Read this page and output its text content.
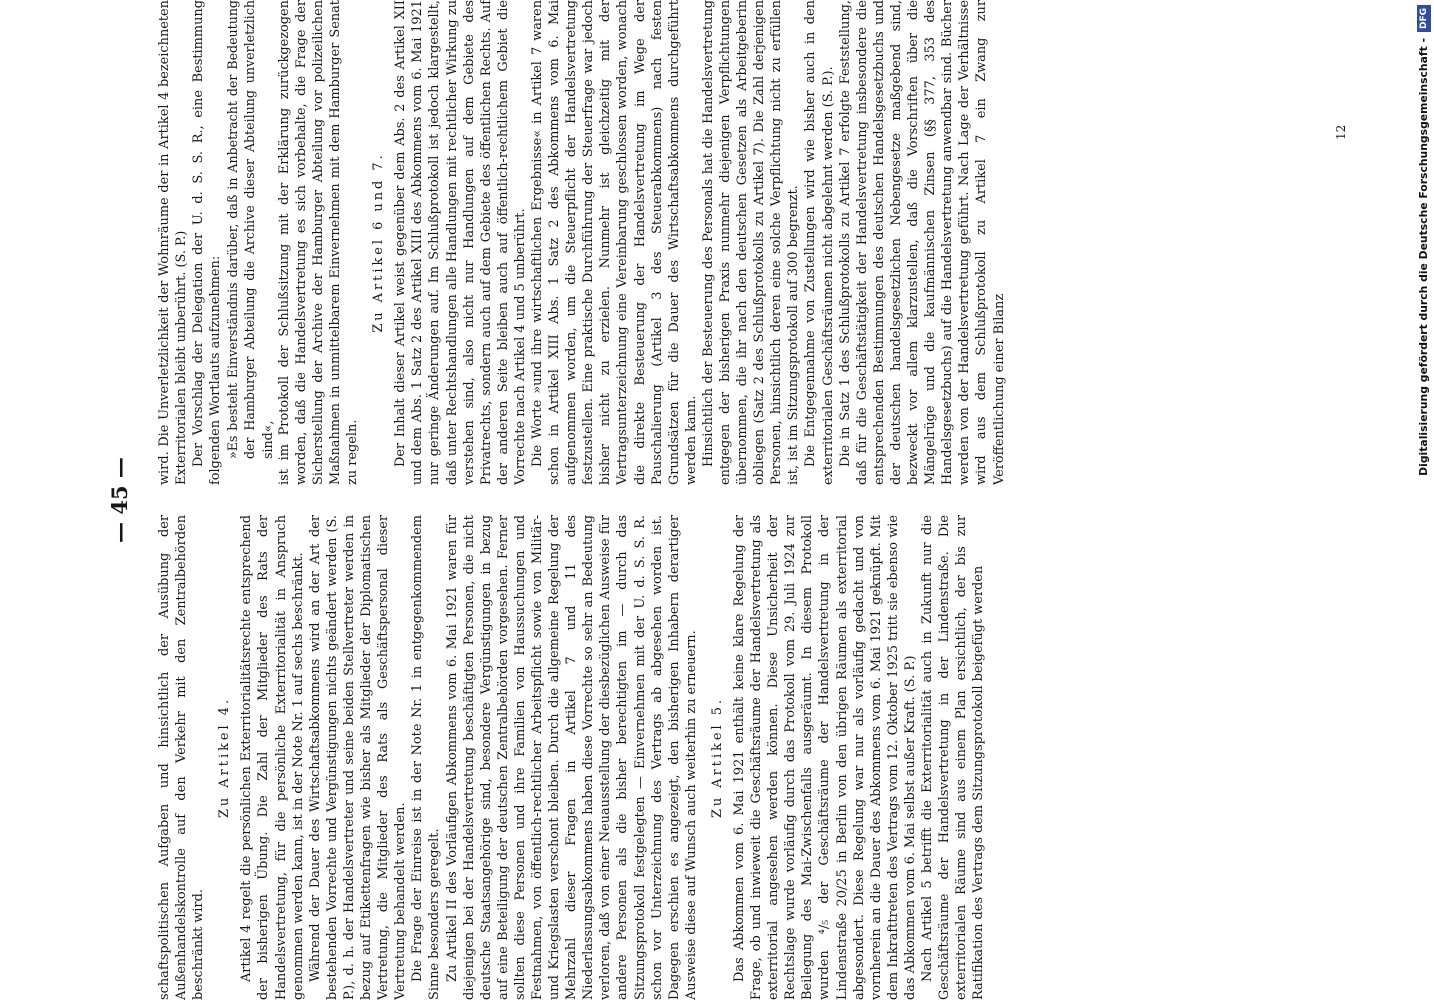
— 45 —

schaftspolitischen Aufgaben und hinsichtlich der Ausübung der Außenhandelskontrolle auf den Verkehr mit den Zentralbehörden beschränkt wird.

Zu Artikel 4. Artikel 4 regelt die persönlichen Exterritorialitätsrechte entsprechend der bisherigen Übung. Die Zahl der Mitglieder des Rats der Handelsvertretung, für die persönliche Exterritorialität in Anspruch genommen werden kann, ist in der Note Nr. 1 auf sechs beschränkt. Während der Dauer des Wirtschaftsabkommens wird an der Art der bestehenden Vorrechte und Vergünstigungen nichts geändert werden (S. P.), d. h. der Handelsvertreter und seine beiden Stellvertreter werden in bezug auf Etikettenfragen wie bisher als Mitglieder der Diplomatischen Vertretung, die Mitglieder des Rats als Geschäftspersonal dieser Vertretung behandelt werden. Die Frage der Einreise ist in der Note Nr. 1 in entgegenkommendem Sinne besonders geregelt. Zu Artikel II des Vorläufigen Abkommens vom 6. Mai 1921 waren für diejenigen bei der Handelsvertretung beschäftigten Personen, die nicht deutsche Staatsangehörige sind, besondere Vergünstigungen in bezug auf eine Beteiligung der deutschen Zentralbehörden vorgesehen. Ferner sollten diese Personen und ihre Familien von Haussuchungen und Festnahmen, von öffentlich-rechtlicher Arbeitspflicht sowie von Militär- und Kriegslasten verschont bleiben. Durch die allgemeine Regelung der Mehrzahl dieser Fragen in Artikel 7 und 11 des Niederlassungsabkommens haben diese Vorrechte so sehr an Bedeutung verloren, daß von einer Neuausstellung der diesbezüglichen Ausweise für andere Personen als die bisher berechtigten im — durch das Sitzungsprotokoll festgelegten — Einvernehmen mit der U. d. S. S. R. schon vor Unterzeichnung des Vertrags ab abgesehen worden ist. Dagegen erschien es angezeigt, den bisherigen Inhabern derartiger Ausweise diese auf Wunsch auch weiterhin zu erneuern. Zu Artikel 5. Das Abkommen vom 6. Mai 1921 enthält keine klare Regelung der Frage, ob und inwieweit die Geschäftsräume der Handelsvertretung als exterritorial angesehen werden können. Diese Unsicherheit der Rechtslage wurde vorläufig durch das Protokoll vom 29. Juli 1924 zur Beilegung des Mai-Zwischenfalls ausgeräumt. In diesem Protokoll wurden ⁴/₅ der Geschäftsräume der Handelsvertretung in der Lindenstraße 20/25 in Berlin von den übrigen Räumen als exterritorial abgesondert. Diese Regelung war nur als vorläufig gedacht und von vornherein an die Dauer des Abkommens vom 6. Mai 1921 geknüpft. Mit dem Inkrafttreten des Vertrags vom 12. Oktober 1925 tritt sie ebenso wie das Abkommen vom 6. Mai selbst außer Kraft. (S. P.) Nach Artikel 5 betrifft die Exterritorialität auch in Zukunft nur die Geschäftsräume der Handelsvertretung in der Lindenstraße. Die exterritorialen Räume sind aus einem Plan ersichtlich, der bis zur Ratifikation des Vertrags dem Sitzungsprotokoll beigefügt werden

wird. Die Unverletzlichkeit der Wohnräume der in Artikel 4 bezeichneten Exterritorialen bleibt unberührt. (S. P.) Der Vorschlag der Delegation der U. d. S. S. R., eine Bestimmung folgenden Wortlauts aufzunehmen: »Es besteht Einverständnis darüber, daß in Anbetracht der Bedeutung der Hamburger Abteilung die Archive dieser Abteilung unverletzlich sind«, ist im Protokoll der Schlußsitzung mit der Erklärung zurückgezogen worden, daß die Handelsvertretung es sich vorbehalte, die Frage der Sicherstellung der Archive der Hamburger Abteilung vor polizeilichen Maßnahmen in unmittelbarem Einvernehmen mit dem Hamburger Senat zu regeln.

Zu Artikel 6 und 7. Der Inhalt dieser Artikel weist gegenüber dem Abs. 2 des Artikel XII und dem Abs. 1 Satz 2 des Artikel XIII des Abkommens vom 6. Mai 1921 nur geringe Änderungen auf. Im Schlußprotokoll ist jedoch klargestellt, daß unter Rechtshandlungen alle Handlungen mit rechtlicher Wirkung zu verstehen sind, also nicht nur Handlungen auf dem Gebiete des Privatrechts, sondern auch auf dem Gebiete des öffentlichen Rechts. Auf der anderen Seite bleiben auch auf öffentlich-rechtlichem Gebiet die Vorrechte nach Artikel 4 und 5 unberührt. Die Worte »und ihre wirtschaftlichen Ergebnisse« in Artikel 7 waren schon in Artikel XIII Abs. 1 Satz 2 des Abkommens vom 6. Mai aufgenommen worden, um die Steuerpflicht der Handelsvertretung festzustellen. Eine praktische Durchführung der Steuerfrage war jedoch bisher nicht zu erzielen. Nunmehr ist gleichzeitig mit der Vertragsunterzeichnung eine Vereinbarung geschlossen worden, wonach die direkte Besteuerung der Handelsvertretung im Wege der Pauschalierung (Artikel 3 des Steuerabkommens) nach festen Grundsätzen für die Dauer des Wirtschaftsabkommens durchgeführt werden kann. Hinsichtlich der Besteuerung des Personals hat die Handelsvertretung entgegen der bisherigen Praxis nunmehr diejenigen Verpflichtungen übernommen, die ihr nach den deutschen Gesetzen als Arbeitgeberin obliegen (Satz 2 des Schlußprotokolls zu Artikel 7). Die Zahl derjenigen Personen, hinsichtlich deren eine solche Verpflichtung nicht zu erfüllen ist, ist im Sitzungsprotokoll auf 300 begrenzt. Die Entgegennahme von Zustellungen wird wie bisher auch in den exterritorialen Geschäftsräumen nicht abgelehnt werden (S. P.). Die in Satz 1 des Schlußprotokolls zu Artikel 7 erfolgte Feststellung, daß für die Geschäftstätigkeit der Handelsvertretung insbesondere die entsprechenden Bestimmungen des deutschen Handelsgesetzbuchs und der deutschen handelsgesetzlichen Nebengesetze maßgebend sind, bezweckt vor allem klarzustellen, daß die Vorschriften über die Mängelrüge und die kaufmännischen Zinsen (§§ 377, 353 des Handelsgesetzbuchs) auf die Handelsvertretung anwendbar sind. Bücher werden von der Handelsvertretung geführt. Nach Lage der Verhältnisse wird aus dem Schlußprotokoll zu Artikel 7 ein Zwang zur Veröffentlichung einer Bilanz

12	Digitalisierung gefördert durch die Deutsche Forschungsgemeinschaft -DFG
